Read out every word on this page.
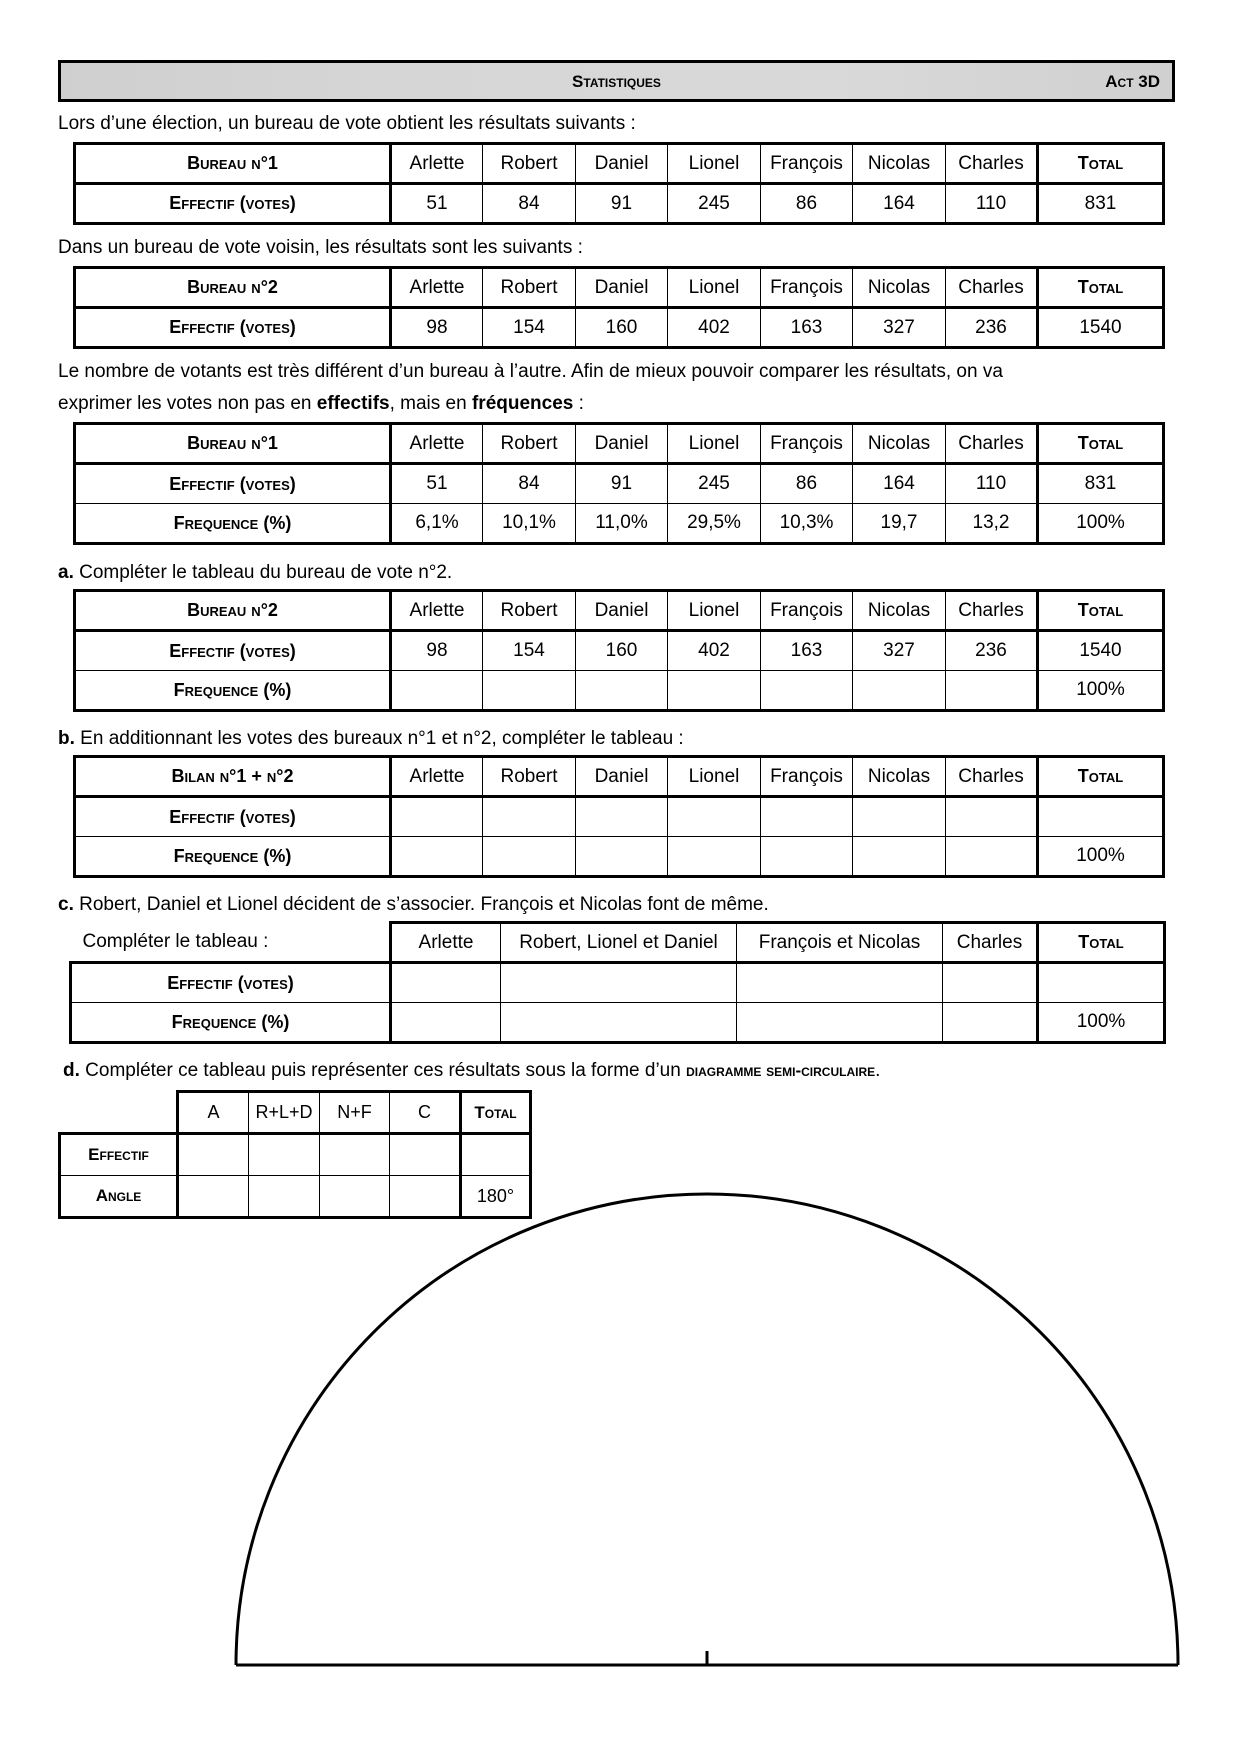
Statistiques	Act 3D
Lors d’une élection, un bureau de vote obtient les résultats suivants :
Bureau n°1	Arlette	Robert	Daniel	Lionel	François	Nicolas	Charles	Total
Effectif (votes)	51	84	91	245	86	164	110	831
Dans un bureau de vote voisin, les résultats sont les suivants :
Bureau n°2	Arlette	Robert	Daniel	Lionel	François	Nicolas	Charles	Total
Effectif (votes)	98	154	160	402	163	327	236	1540
Le nombre de votants est très différent d’un bureau à l’autre. Afin de mieux pouvoir comparer les résultats, on va
exprimer les votes non pas en effectifs, mais en fréquences :
Bureau n°1	Arlette	Robert	Daniel	Lionel	François	Nicolas	Charles	Total
Effectif (votes)	51	84	91	245	86	164	110	831
Frequence (%)	6,1%	10,1%	11,0%	29,5%	10,3%	19,7	13,2	100%
a. Compléter le tableau du bureau de vote n°2.
Bureau n°2	Arlette	Robert	Daniel	Lionel	François	Nicolas	Charles	Total
Effectif (votes)	98	154	160	402	163	327	236	1540
Frequence (%)								100%
b. En additionnant les votes des bureaux n°1 et n°2, compléter le tableau :
Bilan n°1 + n°2	Arlette	Robert	Daniel	Lionel	François	Nicolas	Charles	Total
Effectif (votes)								
Frequence (%)								100%
c. Robert, Daniel et Lionel décident de s’associer. François et Nicolas font de même.
Compléter le tableau :	Arlette	Robert, Lionel et Daniel	François et Nicolas	Charles	Total
Effectif (votes)					
Frequence (%)					100%
d. Compléter ce tableau puis représenter ces résultats sous la forme d’un diagramme semi-circulaire.
	A	R+L+D	N+F	C	Total
Effectif					
Angle					180°
